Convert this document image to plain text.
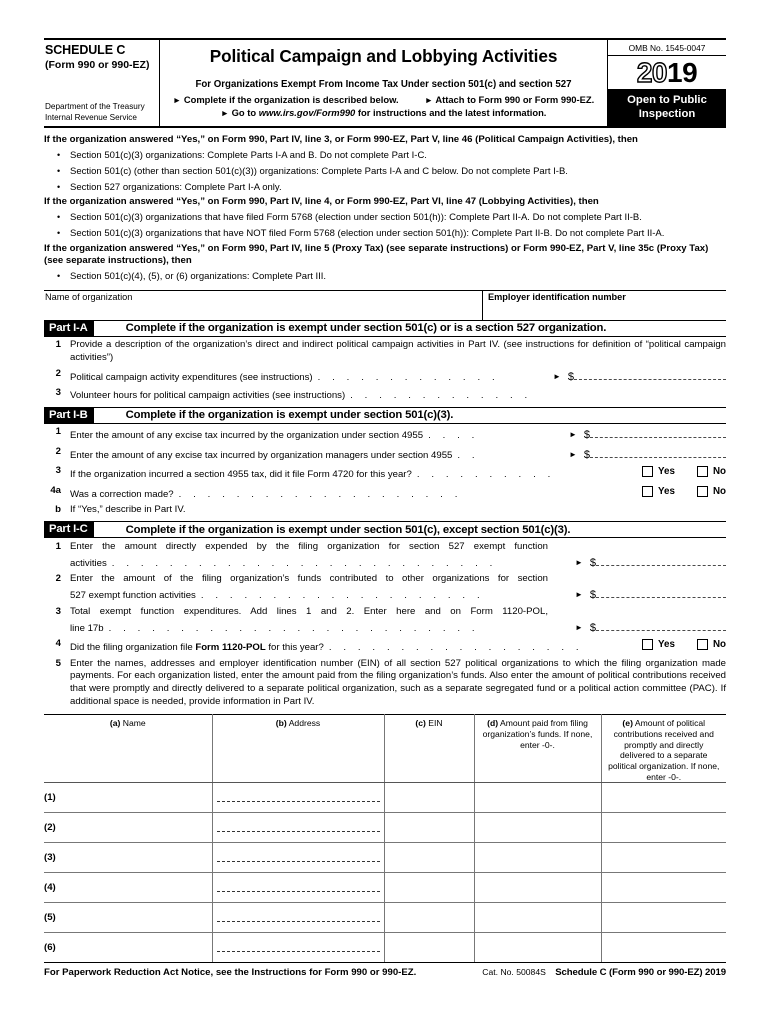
SCHEDULE C
(Form 990 or 990-EZ)
Department of the Treasury
Internal Revenue Service
Political Campaign and Lobbying Activities
For Organizations Exempt From Income Tax Under section 501(c) and section 527
► Complete if the organization is described below.	► Attach to Form 990 or Form 990-EZ.
► Go to www.irs.gov/Form990 for instructions and the latest information.
OMB No. 1545-0047
2019
Open to Public
Inspection
If the organization answered “Yes,” on Form 990, Part IV, line 3, or Form 990-EZ, Part V, line 46 (Political Campaign Activities), then
• Section 501(c)(3) organizations: Complete Parts I-A and B. Do not complete Part I-C.
• Section 501(c) (other than section 501(c)(3)) organizations: Complete Parts I-A and C below. Do not complete Part I-B.
• Section 527 organizations: Complete Part I-A only.
If the organization answered “Yes,” on Form 990, Part IV, line 4, or Form 990-EZ, Part VI, line 47 (Lobbying Activities), then
• Section 501(c)(3) organizations that have filed Form 5768 (election under section 501(h)): Complete Part II-A. Do not complete Part II-B.
• Section 501(c)(3) organizations that have NOT filed Form 5768 (election under section 501(h)): Complete Part II-B. Do not complete Part II-A.
If the organization answered “Yes,” on Form 990, Part IV, line 5 (Proxy Tax) (see separate instructions) or Form 990-EZ, Part V, line 35c (Proxy Tax) (see separate instructions), then
• Section 501(c)(4), (5), or (6) organizations: Complete Part III.
Name of organization	Employer identification number
Part I-A	Complete if the organization is exempt under section 501(c) or is a section 527 organization.
1 Provide a description of the organization’s direct and indirect political campaign activities in Part IV. (see instructions for definition of “political campaign activities”)
2 Political campaign activity expenditures (see instructions) . . . . . . . . . . . . .	► $
3 Volunteer hours for political campaign activities (see instructions) . . . . . . . . . . . . .
Part I-B	Complete if the organization is exempt under section 501(c)(3).
1 Enter the amount of any excise tax incurred by the organization under section 4955 . . . .	► $
2 Enter the amount of any excise tax incurred by organization managers under section 4955 . .	► $
3 If the organization incurred a section 4955 tax, did it file Form 4720 for this year? . . . . . . . . . .	Yes	No
4a Was a correction made? . . . . . . . . . . . . . . . . . . . .	Yes	No
b If “Yes,” describe in Part IV.
Part I-C	Complete if the organization is exempt under section 501(c), except section 501(c)(3).
1 Enter the amount directly expended by the filing organization for section 527 exempt function
activities . . . . . . . . . . . . . . . . . . . . . . . . . . .	► $
2 Enter the amount of the filing organization’s funds contributed to other organizations for section
527 exempt function activities . . . . . . . . . . . . . . . . . . . .	► $
3 Total exempt function expenditures. Add lines 1 and 2. Enter here and on Form 1120-POL,
line 17b . . . . . . . . . . . . . . . . . . . . . . . . . .	► $
4 Did the filing organization file Form 1120-POL for this year? . . . . . . . . . . . . . . . . . .	Yes	No
5 Enter the names, addresses and employer identification number (EIN) of all section 527 political organizations to which the filing organization made payments. For each organization listed, enter the amount paid from the filing organization’s funds. Also enter the amount of political contributions received that were promptly and directly delivered to a separate political organization, such as a separate segregated fund or a political action committee (PAC). If additional space is needed, provide information in Part IV.
(a) Name	(b) Address	(c) EIN	(d) Amount paid from filing organization’s funds. If none, enter -0-.	(e) Amount of political contributions received and promptly and directly delivered to a separate political organization. If none, enter -0-.
(1)				
(2)				
(3)				
(4)				
(5)				
(6)				
For Paperwork Reduction Act Notice, see the Instructions for Form 990 or 990-EZ.	Cat. No. 50084S Schedule C (Form 990 or 990-EZ) 2019
